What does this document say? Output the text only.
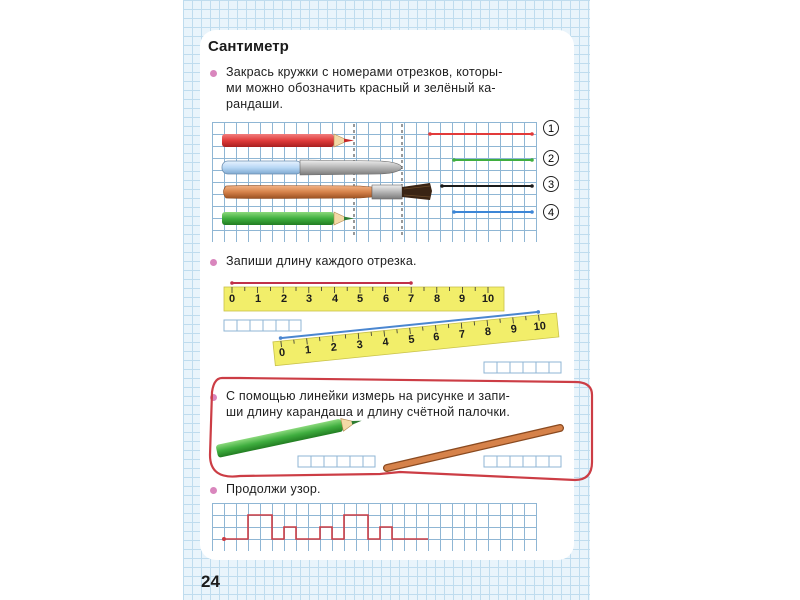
Сантиметр
Закрась кружки с номерами отрезков, которы-
ми можно обозначить красный и зелёный ка-
рандаши.
Запиши длину каждого отрезка.
С помощью линейки измерь на рисунке и запи-
ши длину карандаша и длину счётной палочки.
Продолжи узор.
24
1
2
3
4
0 1 2 3 4 5 6 7 8 9 10
0 1 2 3 4 5 6 7 8 9 10
